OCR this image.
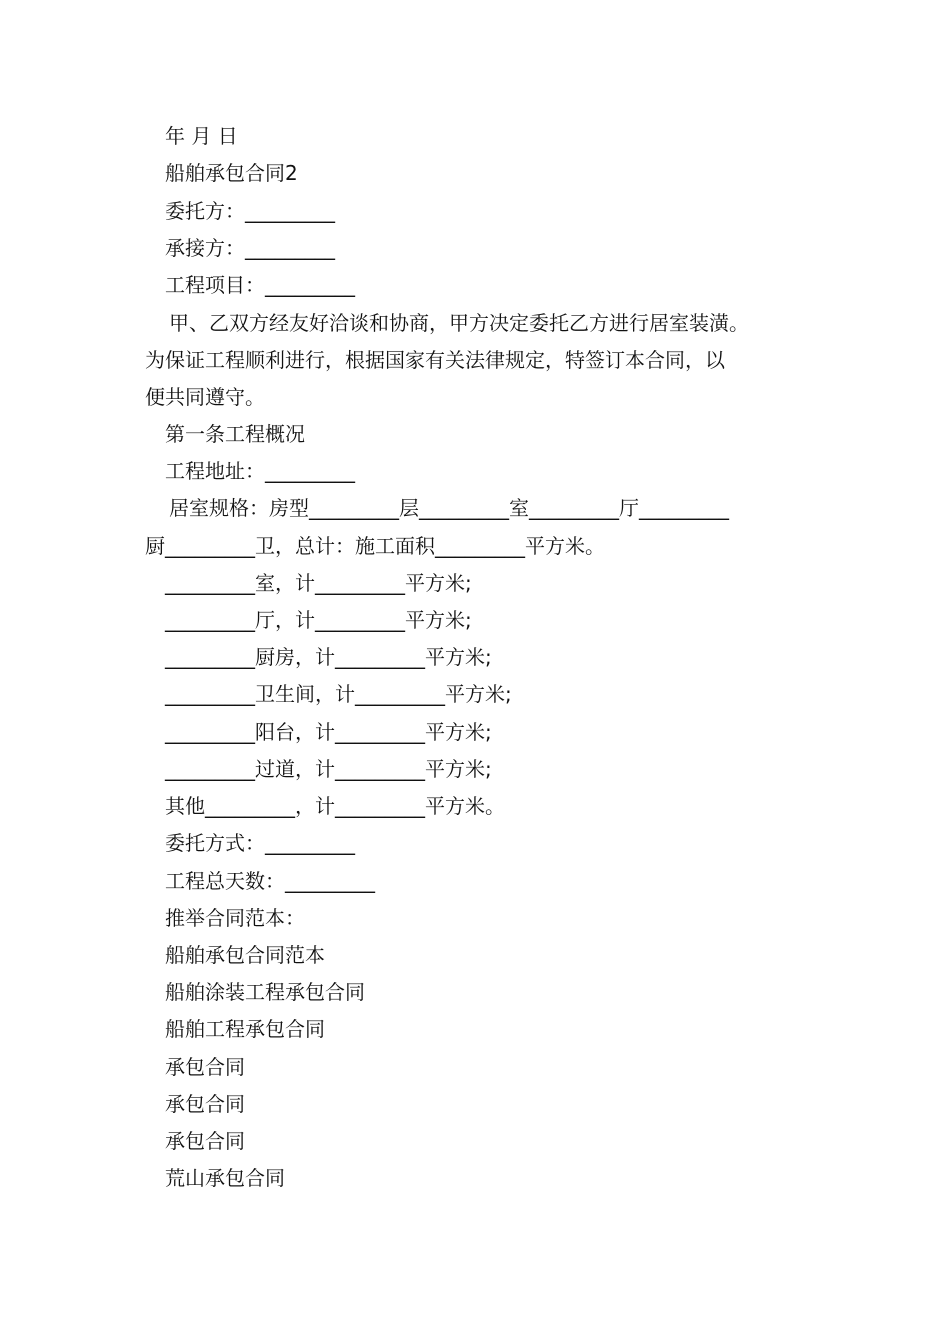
年 月 日
船舶承包合同2
委托方：_________
承接方：_________
工程项目：_________
甲、乙双方经友好洽谈和协商，甲方决定委托乙方进行居室装潢。
为保证工程顺利进行，根据国家有关法律规定，特签订本合同，以
便共同遵守。
第一条工程概况
工程地址：_________
居室规格：房型_________层_________室_________厅_________
厨_________卫，总计：施工面积_________平方米。
_________室，计_________平方米;
_________厅，计_________平方米;
_________厨房，计_________平方米;
_________卫生间，计_________平方米;
_________阳台，计_________平方米;
_________过道，计_________平方米;
其他_________，计_________平方米。
委托方式：_________
工程总天数：_________
推举合同范本：
船舶承包合同范本
船舶涂装工程承包合同
船舶工程承包合同
承包合同
承包合同
承包合同
荒山承包合同
